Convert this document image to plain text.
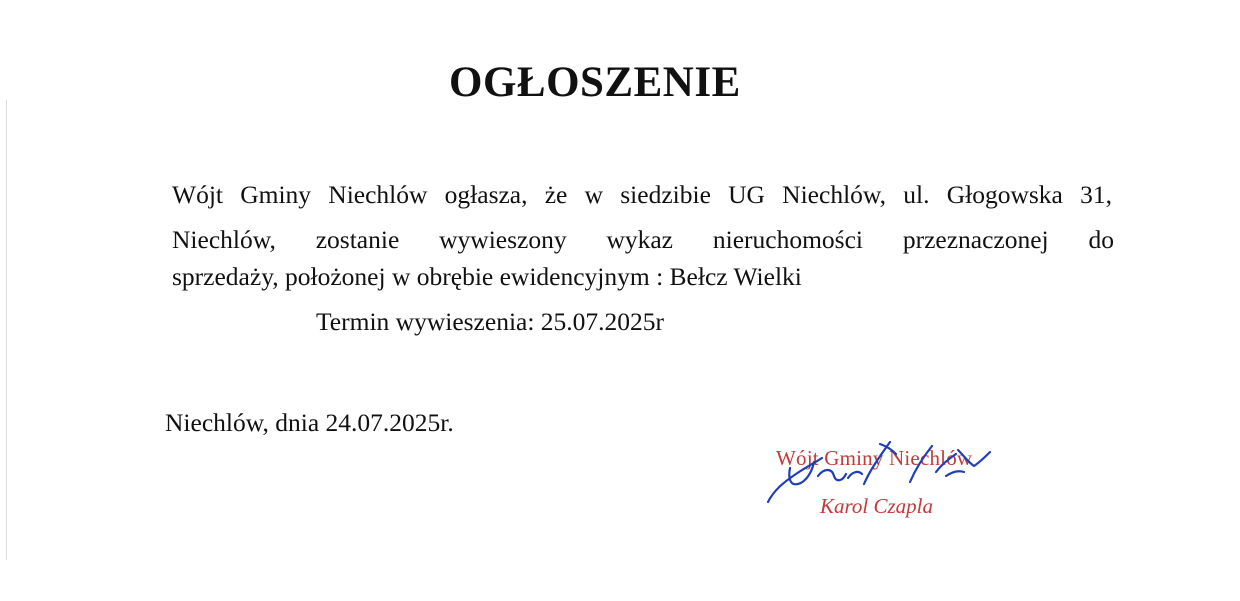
OGŁOSZENIE

Wójt Gminy Niechlów ogłasza, że w siedzibie UG Niechlów, ul. Głogowska 31,

Niechlów, zostanie wywieszony wykaz nieruchomości przeznaczonej do

sprzedaży, położonej w obrębie ewidencyjnym : Bełcz Wielki

Termin wywieszenia: 25.07.2025r

Niechlów, dnia 24.07.2025r.

Wójt Gminy Niechlów

Karol Czapla
